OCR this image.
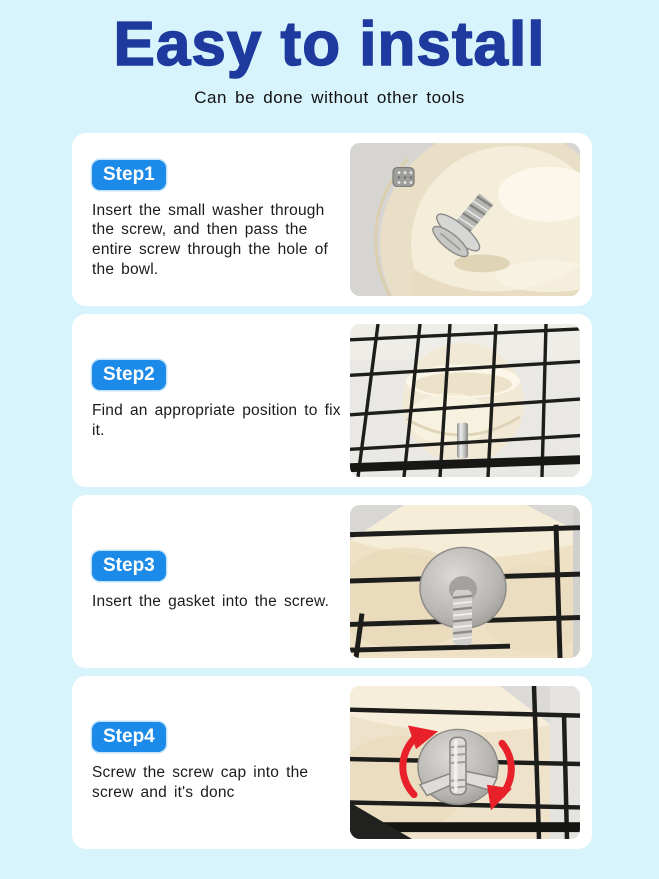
Easy to install
Can be done without other tools
Step1

Insert the small washer through the screw, and then pass the entire screw through the hole of the bowl.

Step2

Find an appropriate position to fix it.

Step3

Insert the gasket into the screw.

Step4

Screw the screw cap into the screw and it's donc
